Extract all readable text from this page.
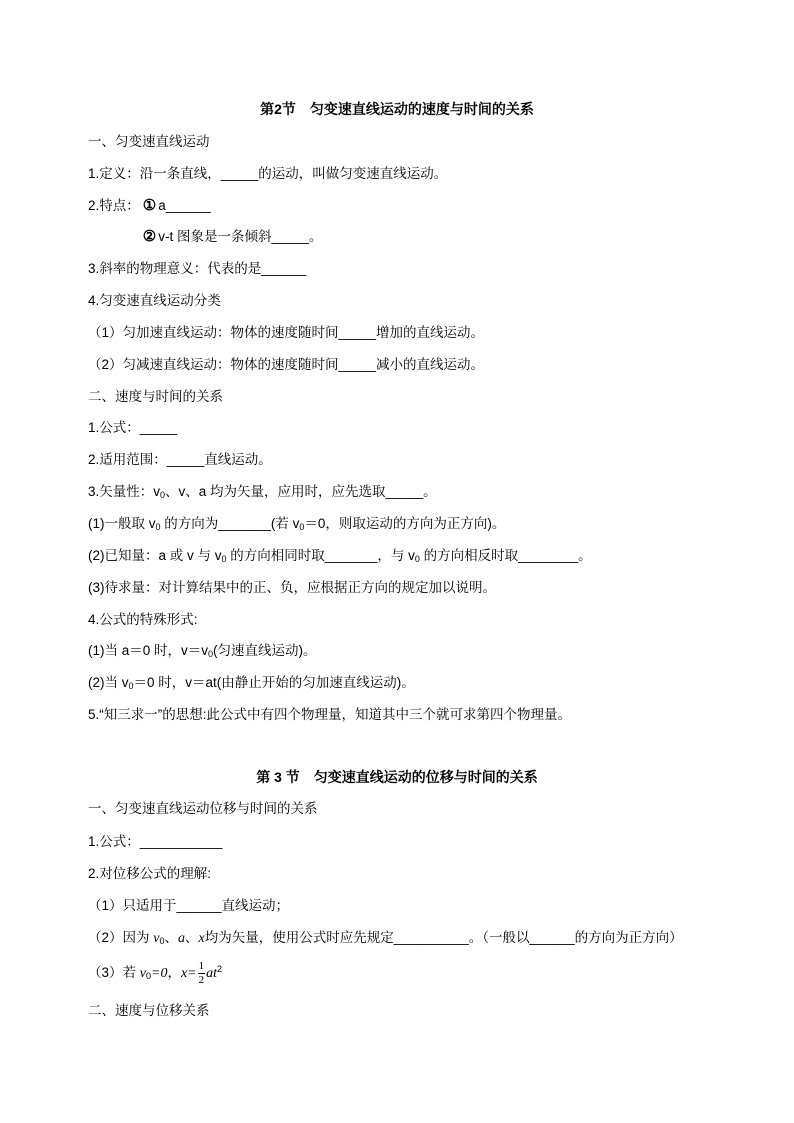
第2节　匀变速直线运动的速度与时间的关系
一、匀变速直线运动
1.定义：沿一条直线，_____的运动，叫做匀变速直线运动。
2.特点： ① a______
② v-t 图象是一条倾斜_____。
3.斜率的物理意义：代表的是______
4.匀变速直线运动分类
（1）匀加速直线运动：物体的速度随时间_____增加的直线运动。
（2）匀减速直线运动：物体的速度随时间_____减小的直线运动。
二、速度与时间的关系
1.公式：_____
2.适用范围：_____直线运动。
3.矢量性：$v_0$、v、a 均为矢量，应用时，应先选取_____。
(1)一般取 $v_0$ 的方向为_______(若 $v_0=0$，则取运动的方向为正方向)。
(2)已知量：a 或 v 与 $v_0$ 的方向相同时取_______，与 $v_0$ 的方向相反时取________。
(3)待求量：对计算结果中的正、负，应根据正方向的规定加以说明。
4.公式的特殊形式:
(1)当 a＝0 时，$v=v_0$(匀速直线运动)。
(2)当 $v_0=0$ 时，v＝at(由静止开始的匀加速直线运动)。
5.“知三求一”的思想:此公式中有四个物理量，知道其中三个就可求第四个物理量。
第 3 节　匀变速直线运动的位移与时间的关系
一、匀变速直线运动位移与时间的关系
1.公式：___________
2.对位移公式的理解:
（1）只适用于______直线运动；
（2）因为 $v_0$、a、x均为矢量，使用公式时应先规定__________。（一般以______的方向为正方向）
（3）若 $v_0=0$，$x= \frac{1}{2} at^2$
二、速度与位移关系
